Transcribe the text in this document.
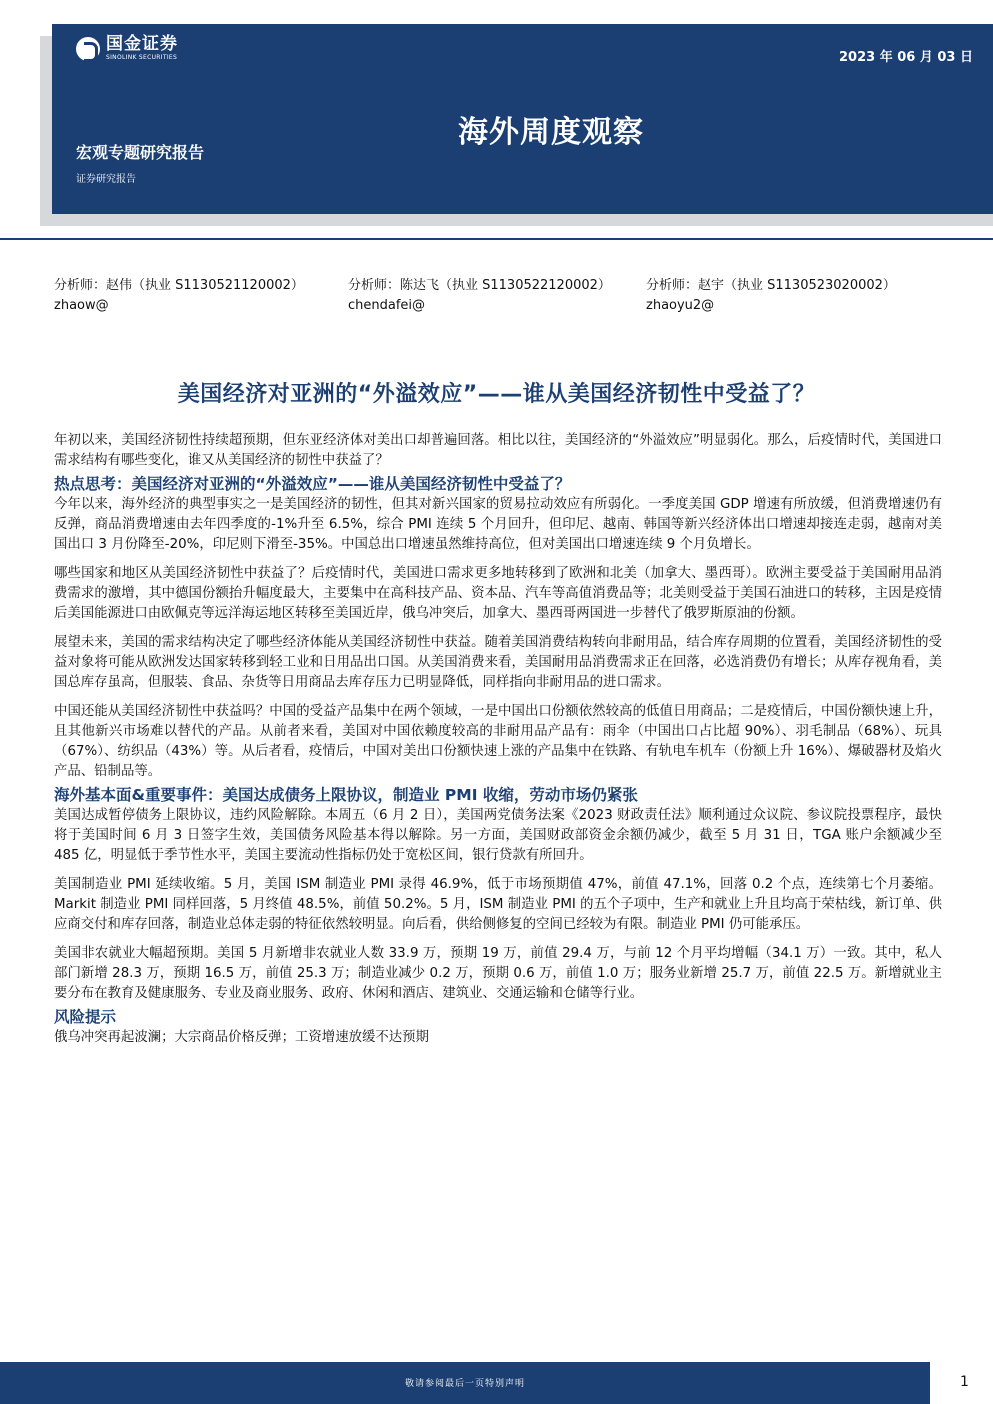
国金证券
SINOLINK SECURITIES	2023 年 06 月 03 日
海外周度观察
宏观专题研究报告
证券研究报告
分析师：赵伟（执业 S1130521120002）
zhaow@
分析师：陈达飞（执业 S1130522120002）
chendafei@
分析师：赵宇（执业 S1130523020002）
zhaoyu2@
美国经济对亚洲的“外溢效应”——谁从美国经济韧性中受益了？

年初以来，美国经济韧性持续超预期，但东亚经济体对美出口却普遍回落。相比以往，美国经济的“外溢效应”明显弱化。那么，后疫情时代，美国进口需求结构有哪些变化，谁又从美国经济的韧性中获益了？

热点思考：美国经济对亚洲的“外溢效应”——谁从美国经济韧性中受益了？

今年以来，海外经济的典型事实之一是美国经济的韧性，但其对新兴国家的贸易拉动效应有所弱化。一季度美国 GDP 增速有所放缓，但消费增速仍有反弹，商品消费增速由去年四季度的-1%升至 6.5%，综合 PMI 连续 5 个月回升，但印尼、越南、韩国等新兴经济体出口增速却接连走弱，越南对美国出口 3 月份降至-20%，印尼则下滑至-35%。中国总出口增速虽然维持高位，但对美国出口增速连续 9 个月负增长。

哪些国家和地区从美国经济韧性中获益了？后疫情时代，美国进口需求更多地转移到了欧洲和北美（加拿大、墨西哥）。欧洲主要受益于美国耐用品消费需求的激增，其中德国份额抬升幅度最大，主要集中在高科技产品、资本品、汽车等高值消费品等；北美则受益于美国石油进口的转移，主因是疫情后美国能源进口由欧佩克等远洋海运地区转移至美国近岸，俄乌冲突后，加拿大、墨西哥两国进一步替代了俄罗斯原油的份额。

展望未来，美国的需求结构决定了哪些经济体能从美国经济韧性中获益。随着美国消费结构转向非耐用品，结合库存周期的位置看，美国经济韧性的受益对象将可能从欧洲发达国家转移到轻工业和日用品出口国。从美国消费来看，美国耐用品消费需求正在回落，必选消费仍有增长；从库存视角看，美国总库存虽高，但服装、食品、杂货等日用商品去库存压力已明显降低，同样指向非耐用品的进口需求。

中国还能从美国经济韧性中获益吗？中国的受益产品集中在两个领域，一是中国出口份额依然较高的低值日用商品；二是疫情后，中国份额快速上升，且其他新兴市场难以替代的产品。从前者来看，美国对中国依赖度较高的非耐用品产品有：雨伞（中国出口占比超 90%）、羽毛制品（68%）、玩具（67%）、纺织品（43%）等。从后者看，疫情后，中国对美出口份额快速上涨的产品集中在铁路、有轨电车机车（份额上升 16%）、爆破器材及焰火产品、铅制品等。

海外基本面&重要事件：美国达成债务上限协议，制造业 PMI 收缩，劳动市场仍紧张

美国达成暂停债务上限协议，违约风险解除。本周五（6 月 2 日），美国两党债务法案《2023 财政责任法》顺利通过众议院、参议院投票程序，最快将于美国时间 6 月 3 日签字生效，美国债务风险基本得以解除。另一方面，美国财政部资金余额仍减少，截至 5 月 31 日，TGA 账户余额减少至 485 亿，明显低于季节性水平，美国主要流动性指标仍处于宽松区间，银行贷款有所回升。

美国制造业 PMI 延续收缩。5 月，美国 ISM 制造业 PMI 录得 46.9%，低于市场预期值 47%，前值 47.1%，回落 0.2 个点，连续第七个月萎缩。Markit 制造业 PMI 同样回落，5 月终值 48.5%，前值 50.2%。5 月，ISM 制造业 PMI 的五个子项中，生产和就业上升且均高于荣枯线，新订单、供应商交付和库存回落，制造业总体走弱的特征依然较明显。向后看，供给侧修复的空间已经较为有限。制造业 PMI 仍可能承压。

美国非农就业大幅超预期。美国 5 月新增非农就业人数 33.9 万，预期 19 万，前值 29.4 万，与前 12 个月平均增幅（34.1 万）一致。其中，私人部门新增 28.3 万，预期 16.5 万，前值 25.3 万；制造业减少 0.2 万，预期 0.6 万，前值 1.0 万；服务业新增 25.7 万，前值 22.5 万。新增就业主要分布在教育及健康服务、专业及商业服务、政府、休闲和酒店、建筑业、交通运输和仓储等行业。

风险提示

俄乌冲突再起波澜；大宗商品价格反弹；工资增速放缓不达预期

敬请参阅最后一页特别声明	1
